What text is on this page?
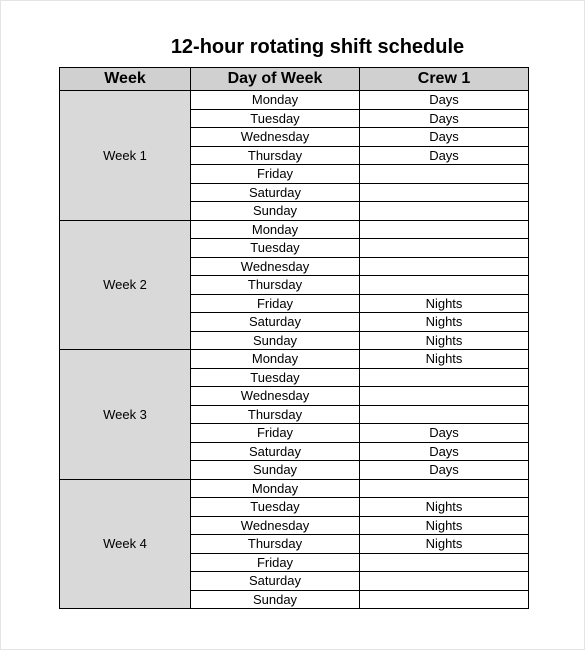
12-hour rotating shift schedule
Week	Day of Week	Crew 1
Week 1	Monday	Days
	Tuesday	Days
	Wednesday	Days
	Thursday	Days
	Friday	
	Saturday	
	Sunday	
Week 2	Monday	
	Tuesday	
	Wednesday	
	Thursday	
	Friday	Nights
	Saturday	Nights
	Sunday	Nights
Week 3	Monday	Nights
	Tuesday	
	Wednesday	
	Thursday	
	Friday	Days
	Saturday	Days
	Sunday	Days
Week 4	Monday	
	Tuesday	Nights
	Wednesday	Nights
	Thursday	Nights
	Friday	
	Saturday	
	Sunday	
